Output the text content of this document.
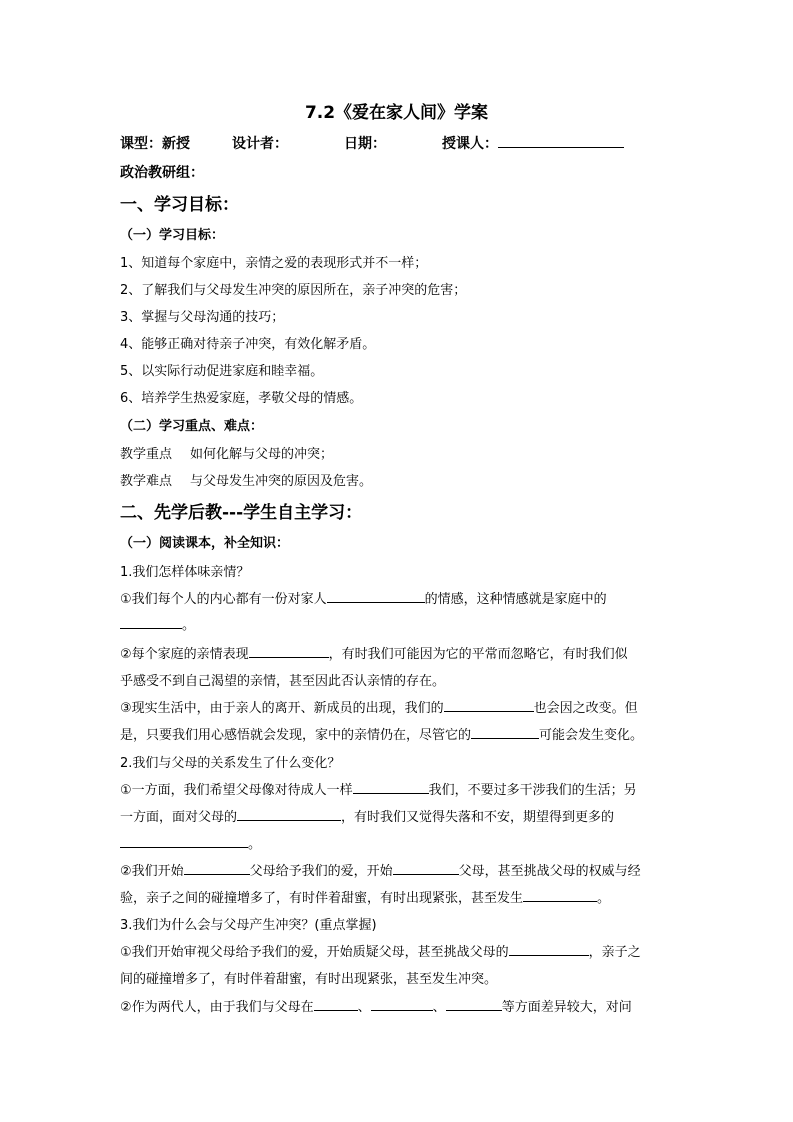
7.2《爱在家人间》学案
课型：新授	设计者：	日期：	授课人：
政治教研组：
一、学习目标：
（一）学习目标：
1、知道每个家庭中，亲情之爱的表现形式并不一样；
2、了解我们与父母发生冲突的原因所在，亲子冲突的危害；
3、掌握与父母沟通的技巧；
4、能够正确对待亲子冲突，有效化解矛盾。
5、以实际行动促进家庭和睦幸福。
6、培养学生热爱家庭，孝敬父母的情感。
（二）学习重点、难点：
教学重点 如何化解与父母的冲突；
教学难点 与父母发生冲突的原因及危害。
二、先学后教---学生自主学习：
（一）阅读课本，补全知识：
1.我们怎样体味亲情？
①我们每个人的内心都有一份对家人	的情感，这种情感就是家庭中的
。
②每个家庭的亲情表现	，有时我们可能因为它的平常而忽略它，有时我们似
乎感受不到自己渴望的亲情，甚至因此否认亲情的存在。
③现实生活中，由于亲人的离开、新成员的出现，我们的	也会因之改变。但
是，只要我们用心感悟就会发现，家中的亲情仍在，尽管它的	可能会发生变化。
2.我们与父母的关系发生了什么变化？
①一方面，我们希望父母像对待成人一样	我们，不要过多干涉我们的生活；另
一方面，面对父母的	，有时我们又觉得失落和不安，期望得到更多的
。
②我们开始	父母给予我们的爱，开始	父母，甚至挑战父母的权威与经
验，亲子之间的碰撞增多了，有时伴着甜蜜，有时出现紧张，甚至发生	。
3.我们为什么会与父母产生冲突？(重点掌握)
①我们开始审视父母给予我们的爱，开始质疑父母，甚至挑战父母的	，亲子之
间的碰撞增多了，有时伴着甜蜜，有时出现紧张，甚至发生冲突。
②作为两代人，由于我们与父母在	、	、	等方面差异较大，对问
